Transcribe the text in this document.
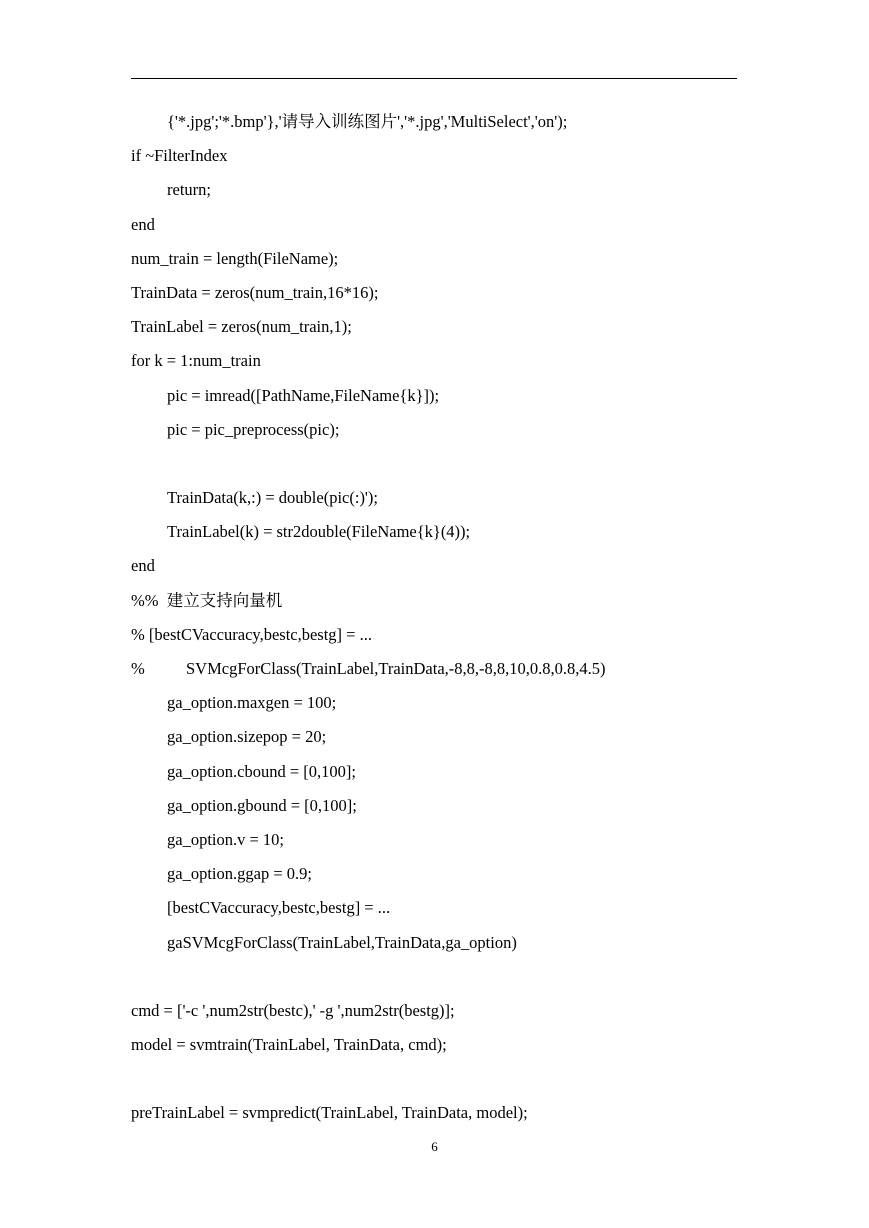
{'*.jpg';'*.bmp'},'请导入训练图片','*.jpg','MultiSelect','on');
if ~FilterIndex
return;
end
num_train = length(FileName);
TrainData = zeros(num_train,16*16);
TrainLabel = zeros(num_train,1);
for k = 1:num_train
pic = imread([PathName,FileName{k}]);
pic = pic_preprocess(pic);
TrainData(k,:) = double(pic(:)');
TrainLabel(k) = str2double(FileName{k}(4));
end
%%  建立支持向量机
% [bestCVaccuracy,bestc,bestg] = ...
%          SVMcgForClass(TrainLabel,TrainData,-8,8,-8,8,10,0.8,0.8,4.5)
ga_option.maxgen = 100;
ga_option.sizepop = 20;
ga_option.cbound = [0,100];
ga_option.gbound = [0,100];
ga_option.v = 10;
ga_option.ggap = 0.9;
[bestCVaccuracy,bestc,bestg] = ...
gaSVMcgForClass(TrainLabel,TrainData,ga_option)
cmd = ['-c ',num2str(bestc),' -g ',num2str(bestg)];
model = svmtrain(TrainLabel, TrainData, cmd);
preTrainLabel = svmpredict(TrainLabel, TrainData, model);
6
